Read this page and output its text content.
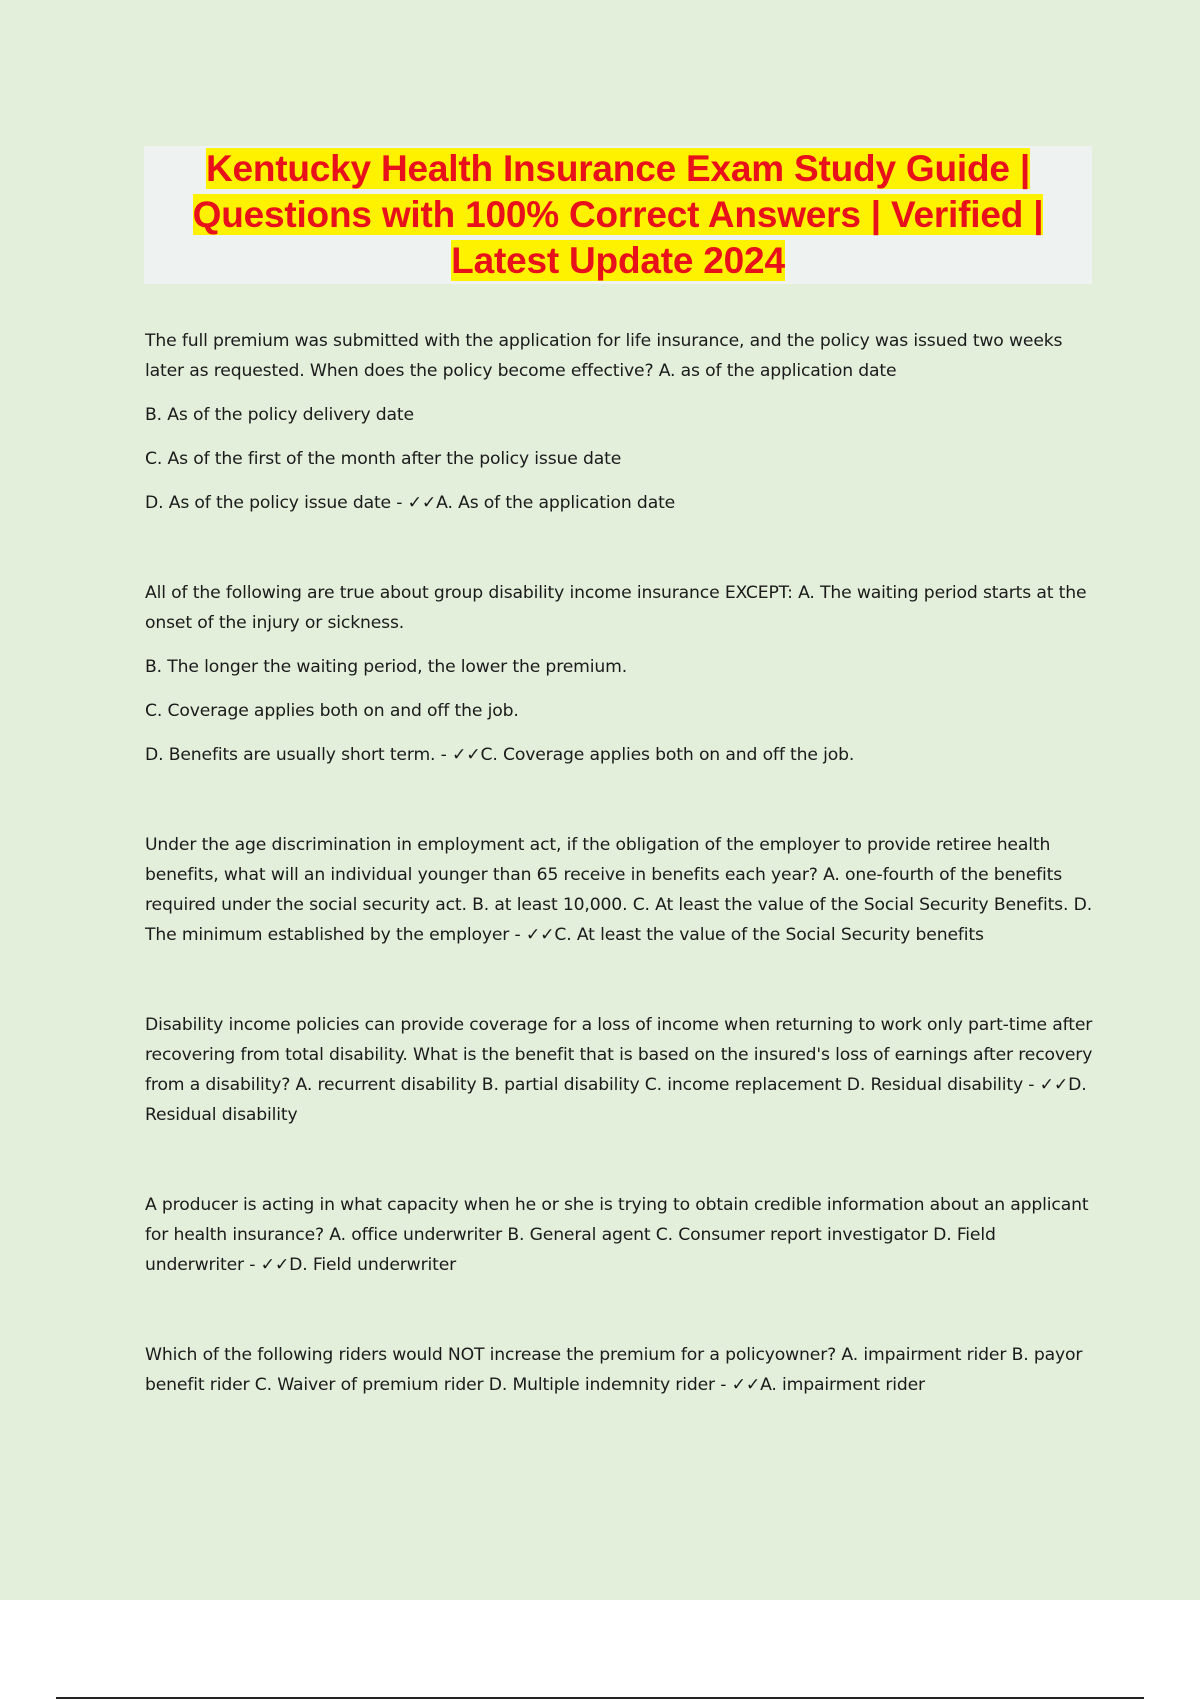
Kentucky Health Insurance Exam Study Guide |
Questions with 100% Correct Answers | Verified |
Latest Update 2024

The full premium was submitted with the application for life insurance, and the policy was issued two weeks later as requested. When does the policy become effective? A. as of the application date

B. As of the policy delivery date

C. As of the first of the month after the policy issue date

D. As of the policy issue date - ✓✓A. As of the application date

All of the following are true about group disability income insurance EXCEPT: A. The waiting period starts at the onset of the injury or sickness.

B. The longer the waiting period, the lower the premium.

C. Coverage applies both on and off the job.

D. Benefits are usually short term. - ✓✓C. Coverage applies both on and off the job.

Under the age discrimination in employment act, if the obligation of the employer to provide retiree health benefits, what will an individual younger than 65 receive in benefits each year? A. one-fourth of the benefits required under the social security act. B. at least 10,000. C. At least the value of the Social Security Benefits. D. The minimum established by the employer - ✓✓C. At least the value of the Social Security benefits

Disability income policies can provide coverage for a loss of income when returning to work only part-time after recovering from total disability. What is the benefit that is based on the insured's loss of earnings after recovery from a disability? A. recurrent disability B. partial disability C. income replacement D. Residual disability - ✓✓D. Residual disability

A producer is acting in what capacity when he or she is trying to obtain credible information about an applicant for health insurance? A. office underwriter B. General agent C. Consumer report investigator D. Field underwriter - ✓✓D. Field underwriter

Which of the following riders would NOT increase the premium for a policyowner? A. impairment rider B. payor benefit rider C. Waiver of premium rider D. Multiple indemnity rider - ✓✓A. impairment rider
